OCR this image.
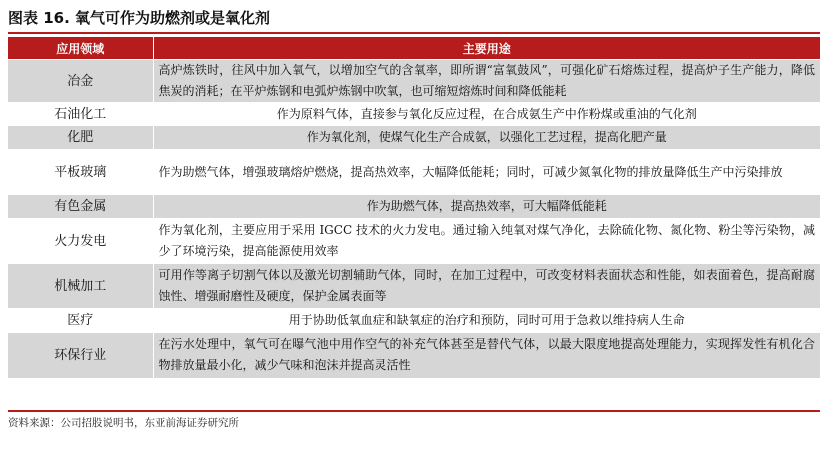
图表 16. 氧气可作为助燃剂或是氧化剂
应用领域	主要用途
冶金	高炉炼铁时，往风中加入氧气，以增加空气的含氧率，即所谓“富氧鼓风”，可强化矿石熔炼过程，提高炉子生产能力，降低焦炭的消耗；在平炉炼钢和电弧炉炼钢中吹氧，也可缩短熔炼时间和降低能耗
石油化工	作为原料气体，直接参与氧化反应过程，在合成氨生产中作粉煤或重油的气化剂
化肥	作为氧化剂，使煤气化生产合成氨，以强化工艺过程，提高化肥产量
平板玻璃	作为助燃气体，增强玻璃熔炉燃烧，提高热效率，大幅降低能耗；同时，可减少氮氧化物的排放量降低生产中污染排放
有色金属	作为助燃气体，提高热效率，可大幅降低能耗
火力发电	作为氧化剂，主要应用于采用 IGCC 技术的火力发电。通过输入纯氧对煤气净化，去除硫化物、氮化物、粉尘等污染物，减少了环境污染，提高能源使用效率
机械加工	可用作等离子切割气体以及激光切割辅助气体，同时，在加工过程中，可改变材料表面状态和性能，如表面着色，提高耐腐蚀性、增强耐磨性及硬度，保护金属表面等
医疗	用于协助低氧血症和缺氧症的治疗和预防，同时可用于急救以维持病人生命
环保行业	在污水处理中，氧气可在曝气池中用作空气的补充气体甚至是替代气体，以最大限度地提高处理能力，实现挥发性有机化合物排放量最小化，减少气味和泡沫并提高灵活性
资料来源：公司招股说明书，东亚前海证券研究所
